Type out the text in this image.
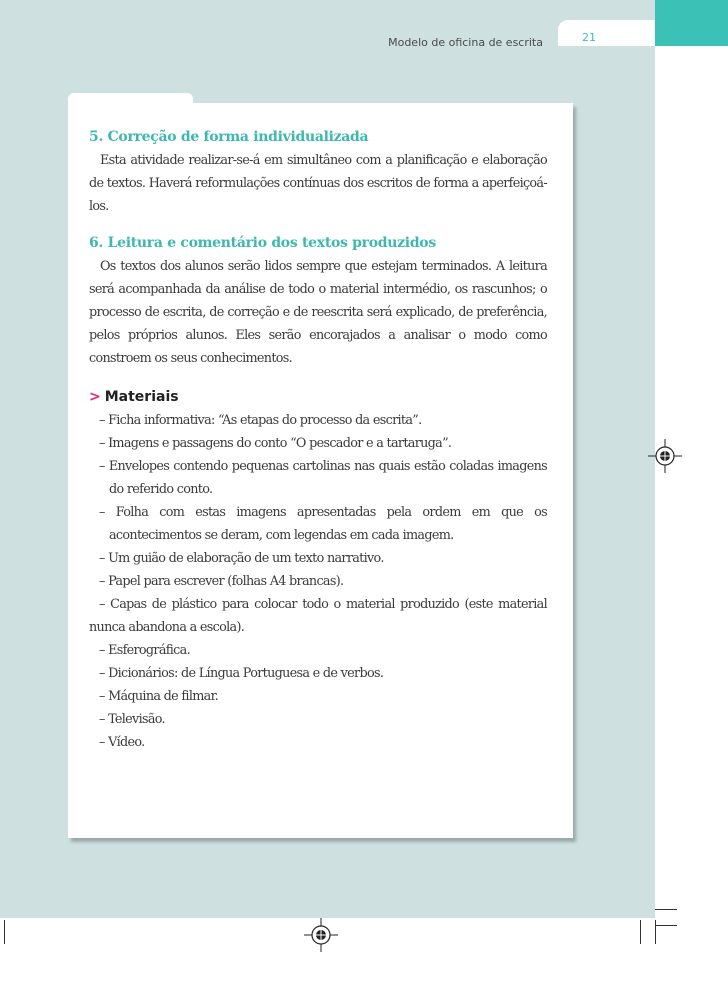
Modelo de oficina de escrita	21
5. Correção de forma individualizada

Esta atividade realizar-se-á em simultâneo com a planificação e elaboração de textos. Haverá reformulações contínuas dos escritos de forma a aperfeiçoá-los.

6. Leitura e comentário dos textos produzidos

Os textos dos alunos serão lidos sempre que estejam terminados. A leitura será acompanhada da análise de todo o material intermédio, os rascunhos; o processo de escrita, de correção e de reescrita será explicado, de preferência, pelos próprios alunos. Eles serão encorajados a analisar o modo como constroem os seus conhecimentos.

> Materiais
– Ficha informativa: “As etapas do processo da escrita”.
– Imagens e passagens do conto “O pescador e a tartaruga”.
– Envelopes contendo pequenas cartolinas nas quais estão coladas imagens do referido conto.
– Folha com estas imagens apresentadas pela ordem em que os acontecimentos se deram, com legendas em cada imagem.
– Um guião de elaboração de um texto narrativo.
– Papel para escrever (folhas A4 brancas).
– Capas de plástico para colocar todo o material produzido (este material nunca abandona a escola).
– Esferográfica.
– Dicionários: de Língua Portuguesa e de verbos.
– Máquina de filmar.
– Televisão.
– Vídeo.
